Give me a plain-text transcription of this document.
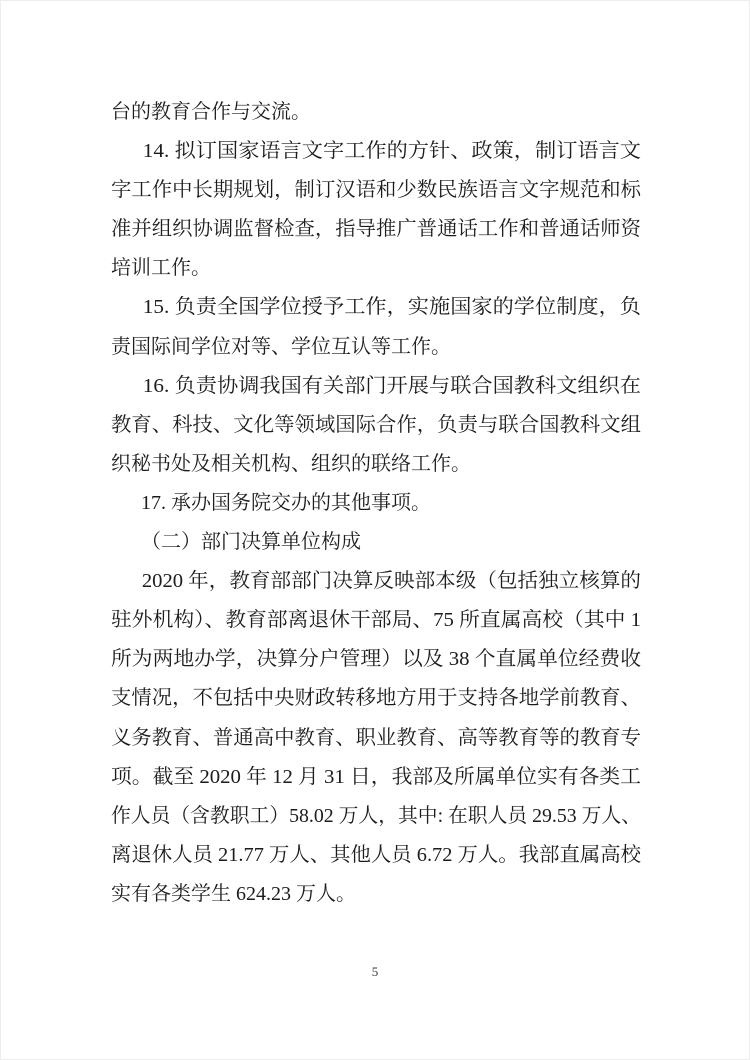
台的教育合作与交流。

14. 拟订国家语言文字工作的方针、政策，制订语言文

字工作中长期规划，制订汉语和少数民族语言文字规范和标

准并组织协调监督检查，指导推广普通话工作和普通话师资

培训工作。

15. 负责全国学位授予工作，实施国家的学位制度，负

责国际间学位对等、学位互认等工作。

16. 负责协调我国有关部门开展与联合国教科文组织在

教育、科技、文化等领域国际合作，负责与联合国教科文组

织秘书处及相关机构、组织的联络工作。

17. 承办国务院交办的其他事项。

（二）部门决算单位构成

2020 年，教育部部门决算反映部本级（包括独立核算的

驻外机构）、教育部离退休干部局、75 所直属高校（其中 1

所为两地办学，决算分户管理）以及 38 个直属单位经费收

支情况，不包括中央财政转移地方用于支持各地学前教育、

义务教育、普通高中教育、职业教育、高等教育等的教育专

项。截至 2020 年 12 月 31 日，我部及所属单位实有各类工

作人员（含教职工）58.02 万人，其中: 在职人员 29.53 万人、

离退休人员 21.77 万人、其他人员 6.72 万人。我部直属高校

实有各类学生 624.23 万人。

5
